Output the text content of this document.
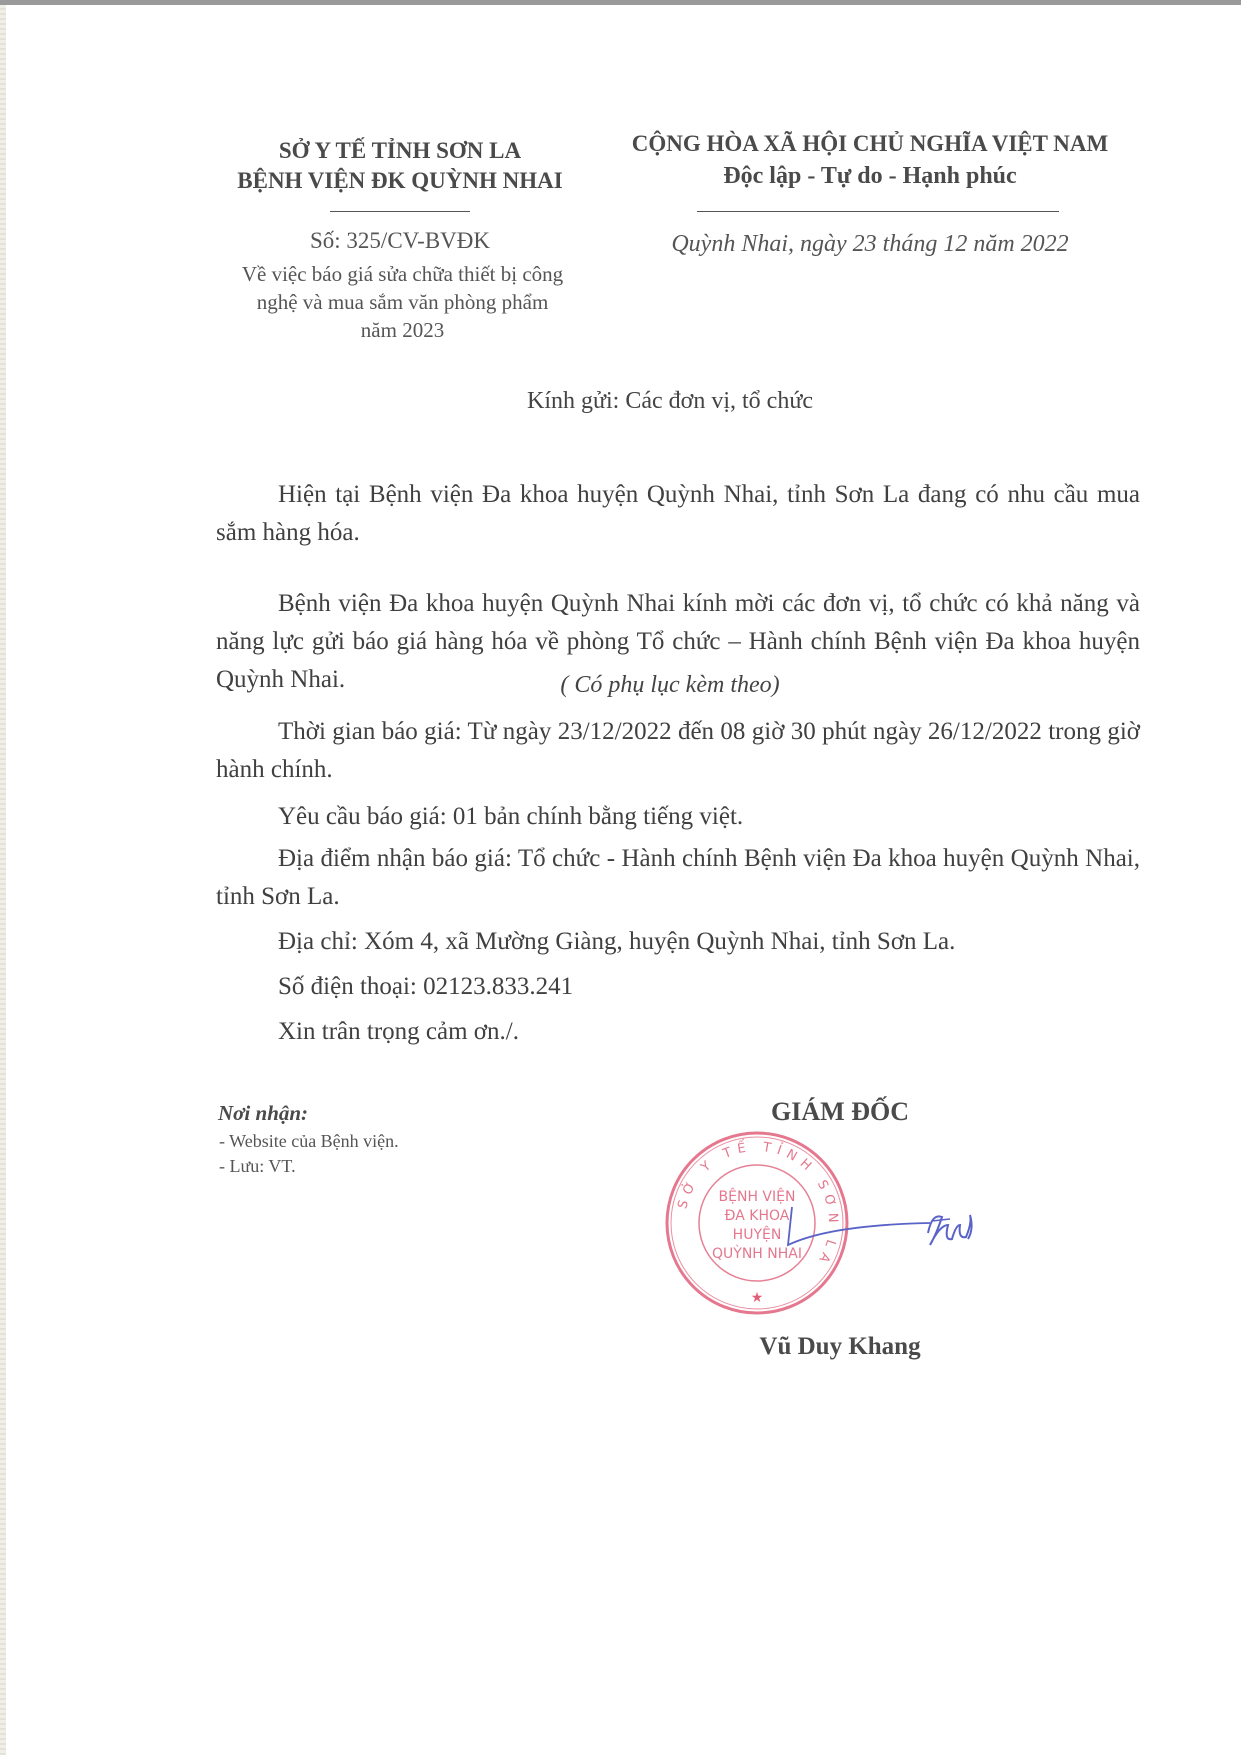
SỞ Y TẾ TỈNH SƠN LA
BỆNH VIỆN ĐK QUỲNH NHAI
Số: 325/CV-BVĐK
Về việc báo giá sửa chữa thiết bị công
nghệ và mua sắm văn phòng phẩm
năm 2023
CỘNG HÒA XÃ HỘI CHỦ NGHĨA VIỆT NAM
Độc lập - Tự do - Hạnh phúc
Quỳnh Nhai, ngày 23 tháng 12 năm 2022
Kính gửi: Các đơn vị, tổ chức
Hiện tại Bệnh viện Đa khoa huyện Quỳnh Nhai, tỉnh Sơn La đang có nhu cầu mua sắm hàng hóa.
Bệnh viện Đa khoa huyện Quỳnh Nhai kính mời các đơn vị, tổ chức có khả năng và năng lực gửi báo giá hàng hóa về phòng Tổ chức – Hành chính Bệnh viện Đa khoa huyện Quỳnh Nhai.	( Có phụ lục kèm theo)
Thời gian báo giá: Từ ngày 23/12/2022 đến 08 giờ 30 phút ngày 26/12/2022 trong giờ hành chính.
Yêu cầu báo giá: 01 bản chính bằng tiếng việt.
Địa điểm nhận báo giá: Tổ chức - Hành chính Bệnh viện Đa khoa huyện Quỳnh Nhai, tỉnh Sơn La.
Địa chỉ: Xóm 4, xã Mường Giàng, huyện Quỳnh Nhai, tỉnh Sơn La.
Số điện thoại: 02123.833.241
Xin trân trọng cảm ơn./.
Nơi nhận:
- Website của Bệnh viện.
- Lưu: VT.
GIÁM ĐỐC
SỞ Y TẾ TỈNH SƠN LA
BỆNH VIỆN
ĐA KHOA
HUYỆN
QUỲNH NHAI
★
Vũ Duy Khang
